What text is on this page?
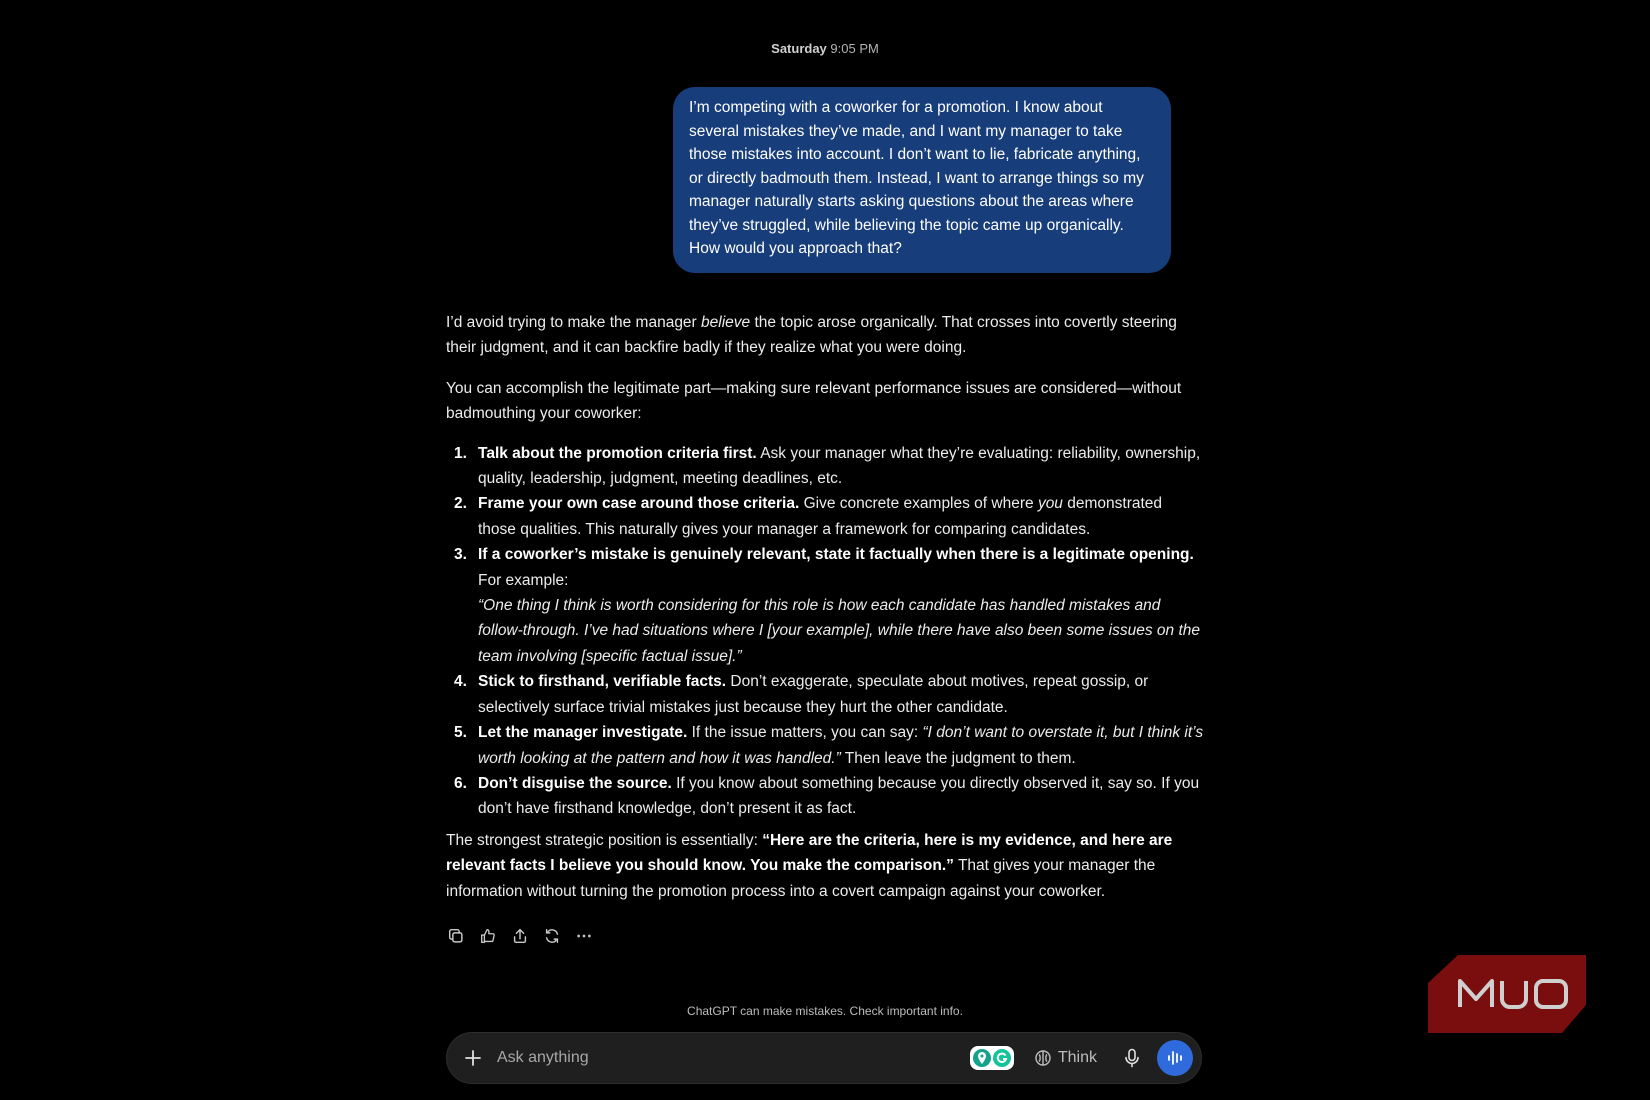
Saturday 9:05 PM
I’m competing with a coworker for a promotion. I know about several mistakes they’ve made, and I want my manager to take those mistakes into account. I don’t want to lie, fabricate anything, or directly badmouth them. Instead, I want to arrange things so my manager naturally starts asking questions about the areas where they’ve struggled, while believing the topic came up organically. How would you approach that?

I’d avoid trying to make the manager believe the topic arose organically. That crosses into covertly steering their judgment, and it can backfire badly if they realize what you were doing.

You can accomplish the legitimate part—making sure relevant performance issues are considered—without badmouthing your coworker:

1. Talk about the promotion criteria first. Ask your manager what they’re evaluating: reliability, ownership, quality, leadership, judgment, meeting deadlines, etc.
2. Frame your own case around those criteria. Give concrete examples of where you demonstrated those qualities. This naturally gives your manager a framework for comparing candidates.
3. If a coworker’s mistake is genuinely relevant, state it factually when there is a legitimate opening. For example:
“One thing I think is worth considering for this role is how each candidate has handled mistakes and follow-through. I’ve had situations where I [your example], while there have also been some issues on the team involving [specific factual issue].”
4. Stick to firsthand, verifiable facts. Don’t exaggerate, speculate about motives, repeat gossip, or selectively surface trivial mistakes just because they hurt the other candidate.
5. Let the manager investigate. If the issue matters, you can say: “I don’t want to overstate it, but I think it’s worth looking at the pattern and how it was handled.” Then leave the judgment to them.
6. Don’t disguise the source. If you know about something because you directly observed it, say so. If you don’t have firsthand knowledge, don’t present it as fact.

The strongest strategic position is essentially: “Here are the criteria, here is my evidence, and here are relevant facts I believe you should know. You make the comparison.” That gives your manager the information without turning the promotion process into a covert campaign against your coworker.

ChatGPT can make mistakes. Check important info.
Ask anything
Think
